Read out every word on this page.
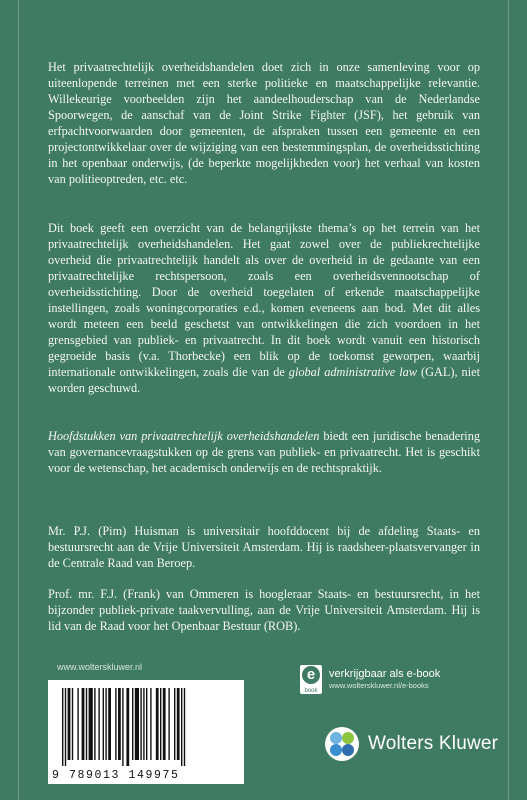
Het privaatrechtelijk overheidshandelen doet zich in onze samenleving voor op uiteenlopende terreinen met een sterke politieke en maatschappelijke relevantie. Willekeurige voorbeelden zijn het aandeelhouderschap van de Nederlandse Spoorwegen, de aanschaf van de Joint Strike Fighter (JSF), het gebruik van erfpachtvoorwaarden door gemeenten, de afspraken tussen een gemeente en een projectontwikkelaar over de wijziging van een bestemmingsplan, de overheidsstichting in het openbaar onderwijs, (de beperkte mogelijkheden voor) het verhaal van kosten van politieoptreden, etc. etc.

Dit boek geeft een overzicht van de belangrijkste thema’s op het terrein van het privaatrechtelijk overheidshandelen. Het gaat zowel over de publiekrechtelijke overheid die privaatrechtelijk handelt als over de overheid in de gedaante van een privaatrechtelijke rechtspersoon, zoals een overheidsvennootschap of overheidsstichting. Door de overheid toegelaten of erkende maatschappelijke instellingen, zoals woningcorporaties e.d., komen eveneens aan bod. Met dit alles wordt meteen een beeld geschetst van ontwikkelingen die zich voordoen in het grensgebied van publiek- en privaatrecht. In dit boek wordt vanuit een historisch gegroeide basis (v.a. Thorbecke) een blik op de toekomst geworpen, waarbij internationale ontwikkelingen, zoals die van de global administrative law (GAL), niet worden geschuwd.

Hoofdstukken van privaatrechtelijk overheidshandelen biedt een juridische benadering van governancevraagstukken op de grens van publiek- en privaatrecht. Het is geschikt voor de wetenschap, het academisch onderwijs en de rechtspraktijk.

Mr. P.J. (Pim) Huisman is universitair hoofddocent bij de afdeling Staats- en bestuursrecht aan de Vrije Universiteit Amsterdam. Hij is raadsheer-plaatsvervanger in de Centrale Raad van Beroep.

Prof. mr. F.J. (Frank) van Ommeren is hoogleraar Staats- en bestuursrecht, in het bijzonder publiek-private taakvervulling, aan de Vrije Universiteit Amsterdam. Hij is lid van de Raad voor het Openbaar Bestuur (ROB).

www.wolterskluwer.nl
9 789013 149975
e
book
verkrijgbaar als e-book
www.wolterskluwer.nl/e-books
Wolters Kluwer
